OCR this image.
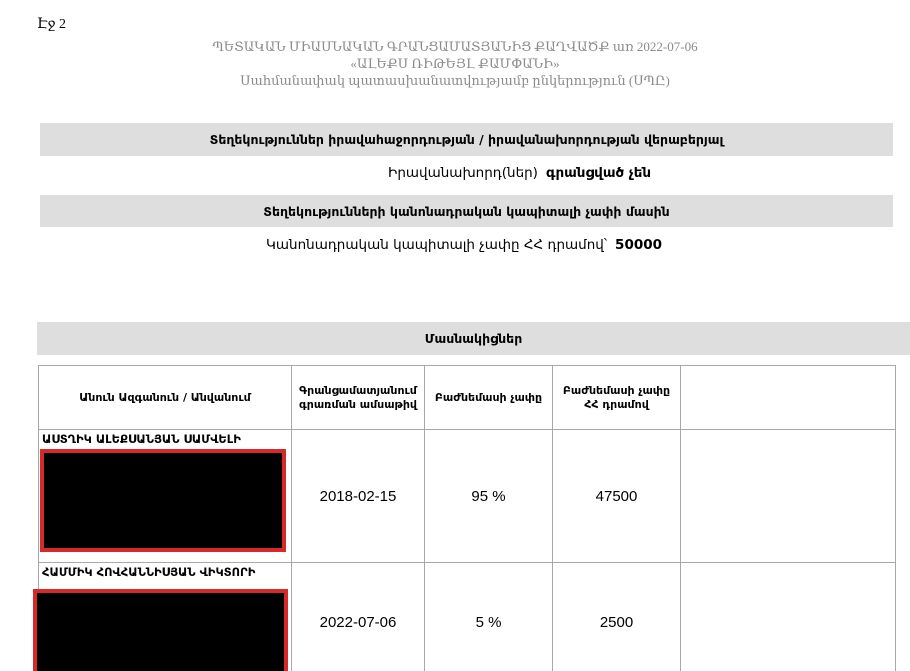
Էջ 2
ՊԵՏԱԿԱՆ ՄԻԱՍՆԱԿԱՆ ԳՐԱՆՑԱՄԱՏՅԱՆԻՑ ՔԱՂՎԱԾՔ առ 2022-07-06
«ԱԼԵՔՍ ՌԻԹԵՅԼ ՔԱՄՓԱՆԻ»
Սահմանափակ պատասխանատվությամբ ընկերություն (ՍՊԸ)
Տեղեկություններ իրավահաջորդության / իրավանախորդության վերաբերյալ
Իրավանախորդ(ներ) գրանցված չեն
Տեղեկությունների կանոնադրական կապիտալի չափի մասին
Կանոնադրական կապիտալի չափը ՀՀ դրամով՝ 50000
Մասնակիցներ
Անուն Ազգանուն / Անվանում	Գրանցամատյանում գրառման ամսաթիվ	Բաժնեմասի չափը	Բաժնեմասի չափը ՀՀ դրամով	
ԱՍՏՂԻԿ ԱԼԵՔՍԱՆՅԱՆ ՍԱՄՎԵԼԻ	2018-02-15	95 %	47500	
ՀԱՄՄԻԿ ՀՈՎՀԱՆՆԻՍՅԱՆ ՎԻԿՏՈՐԻ	2022-07-06	5 %	2500	
